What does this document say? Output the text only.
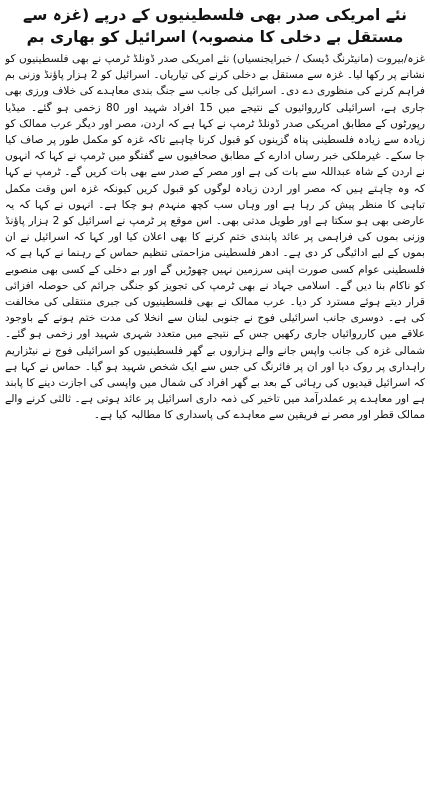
نئے امریکی صدر بھی فلسطینیوں کے درپے (غزہ سے مستقل بے دخلی کا منصوبہ) اسرائیل کو بھاری بم

غزہ/بیروت (مانیٹرنگ ڈیسک / خبرایجنسیاں) نئے امریکی صدر ڈونلڈ ٹرمپ نے بھی فلسطینیوں کو نشانے پر رکھا لیا۔ غزہ سے مستقل بے دخلی کرنے کی تیاریاں۔ اسرائیل کو 2 ہزار پاؤنڈ وزنی بم فراہم کرنے کی منظوری دے دی۔ اسرائیل کی جانب سے جنگ بندی معاہدے کی خلاف ورزی بھی جاری ہے، اسرائیلی کارروائیوں کے نتیجے میں 15 افراد شہید اور 80 زخمی ہو گئے۔ میڈیا رپورٹوں کے مطابق امریکی صدر ڈونلڈ ٹرمپ نے کہا ہے کہ اردن، مصر اور دیگر عرب ممالک کو زیادہ سے زیادہ فلسطینی پناہ گزینوں کو قبول کرنا چاہیے تاکہ غزہ کو مکمل طور پر صاف کیا جا سکے۔ غیرملکی خبر رساں ادارے کے مطابق صحافیوں سے گفتگو میں ٹرمپ نے کہا کہ انہوں نے اردن کے شاہ عبداللہ سے بات کی ہے اور مصر کے صدر سے بھی بات کریں گے۔ ٹرمپ نے کہا کہ وہ چاہتے ہیں کہ مصر اور اردن زیادہ لوگوں کو قبول کریں کیونکہ غزہ اس وقت مکمل تباہی کا منظر پیش کر رہا ہے اور وہاں سب کچھ منہدم ہو چکا ہے۔ انہوں نے کہا کہ یہ عارضی بھی ہو سکتا ہے اور طویل مدتی بھی۔ اس موقع پر ٹرمپ نے اسرائیل کو 2 ہزار پاؤنڈ وزنی بموں کی فراہمی پر عائد پابندی ختم کرنے کا بھی اعلان کیا اور کہا کہ اسرائیل نے ان بموں کے لیے ادائیگی کر دی ہے۔ ادھر فلسطینی مزاحمتی تنظیم حماس کے رہنما نے کہا ہے کہ فلسطینی عوام کسی صورت اپنی سرزمین نہیں چھوڑیں گے اور بے دخلی کے کسی بھی منصوبے کو ناکام بنا دیں گے۔ اسلامی جہاد نے بھی ٹرمپ کی تجویز کو جنگی جرائم کی حوصلہ افزائی قرار دیتے ہوئے مسترد کر دیا۔ عرب ممالک نے بھی فلسطینیوں کی جبری منتقلی کی مخالفت کی ہے۔ دوسری جانب اسرائیلی فوج نے جنوبی لبنان سے انخلا کی مدت ختم ہونے کے باوجود علاقے میں کارروائیاں جاری رکھیں جس کے نتیجے میں متعدد شہری شہید اور زخمی ہو گئے۔ شمالی غزہ کی جانب واپس جانے والے ہزاروں بے گھر فلسطینیوں کو اسرائیلی فوج نے نیٹزاریم راہداری پر روک دیا اور ان پر فائرنگ کی جس سے ایک شخص شہید ہو گیا۔ حماس نے کہا ہے کہ اسرائیل قیدیوں کی رہائی کے بعد بے گھر افراد کی شمال میں واپسی کی اجازت دینے کا پابند ہے اور معاہدے پر عملدرآمد میں تاخیر کی ذمہ داری اسرائیل پر عائد ہوتی ہے۔ ثالثی کرنے والے ممالک قطر اور مصر نے فریقین سے معاہدے کی پاسداری کا مطالبہ کیا ہے۔
